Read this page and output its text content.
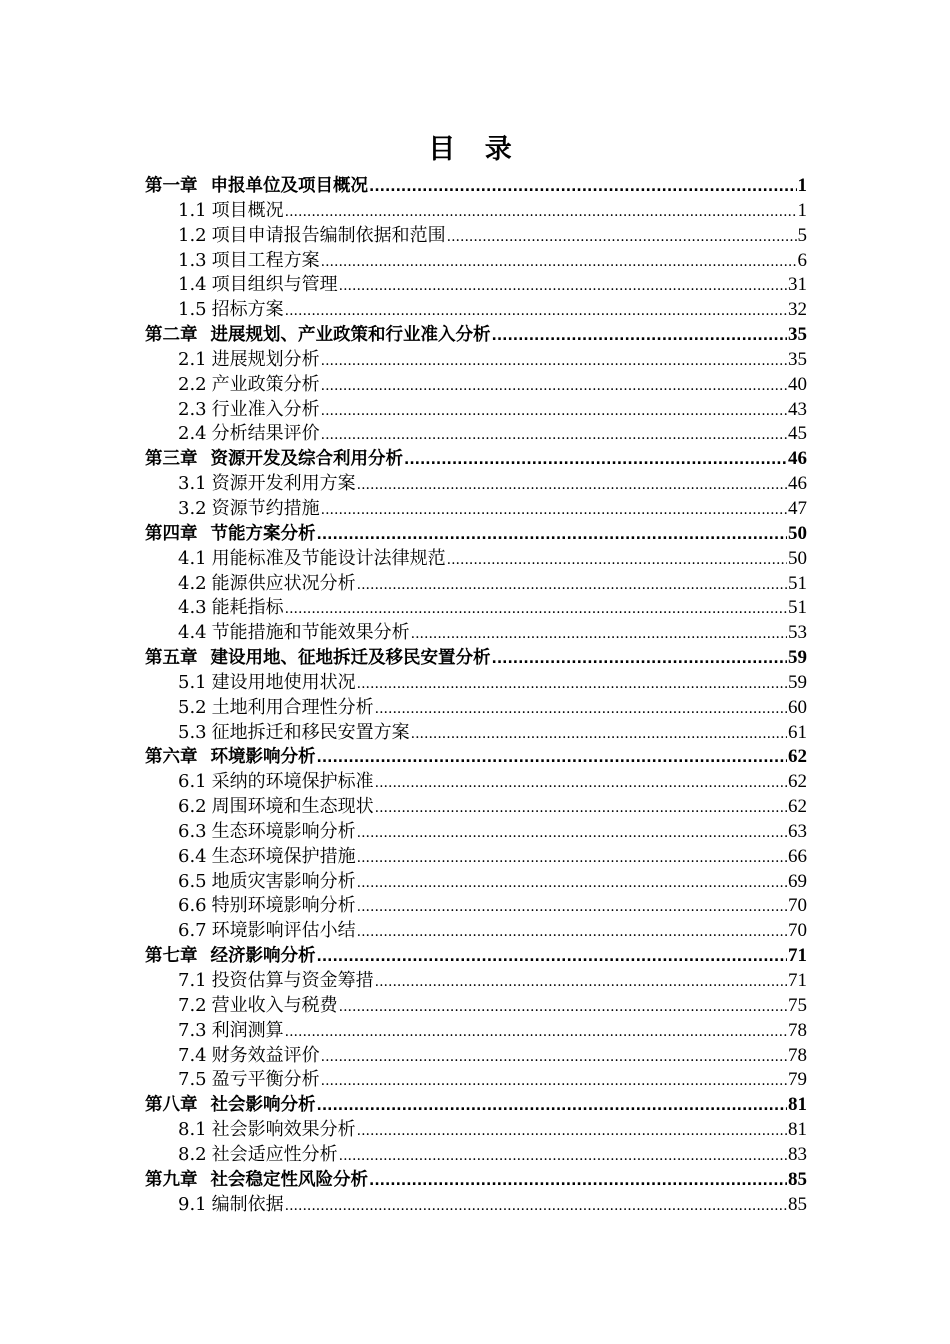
目 录
第一章 申报单位及项目概况 .....	1
1.1 项目概况 .....	1
1.2 项目申请报告编制依据和范围 .....	5
1.3 项目工程方案 .....	6
1.4 项目组织与管理 .....	31
1.5 招标方案 .....	32
第二章 进展规划、产业政策和行业准入分析 .....	35
2.1 进展规划分析 .....	35
2.2 产业政策分析 .....	40
2.3 行业准入分析 .....	43
2.4 分析结果评价 .....	45
第三章 资源开发及综合利用分析 .....	46
3.1 资源开发利用方案 .....	46
3.2 资源节约措施 .....	47
第四章 节能方案分析 .....	50
4.1 用能标准及节能设计法律规范 .....	50
4.2 能源供应状况分析 .....	51
4.3 能耗指标 .....	51
4.4 节能措施和节能效果分析 .....	53
第五章 建设用地、征地拆迁及移民安置分析 .....	59
5.1 建设用地使用状况 .....	59
5.2 土地利用合理性分析 .....	60
5.3 征地拆迁和移民安置方案 .....	61
第六章 环境影响分析 .....	62
6.1 采纳的环境保护标准 .....	62
6.2 周围环境和生态现状 .....	62
6.3 生态环境影响分析 .....	63
6.4 生态环境保护措施 .....	66
6.5 地质灾害影响分析 .....	69
6.6 特别环境影响分析 .....	70
6.7 环境影响评估小结 .....	70
第七章 经济影响分析 .....	71
7.1 投资估算与资金筹措 .....	71
7.2 营业收入与税费 .....	75
7.3 利润测算 .....	78
7.4 财务效益评价 .....	78
7.5 盈亏平衡分析 .....	79
第八章 社会影响分析 .....	81
8.1 社会影响效果分析 .....	81
8.2 社会适应性分析 .....	83
第九章 社会稳定性风险分析 .....	85
9.1 编制依据 .....	85
